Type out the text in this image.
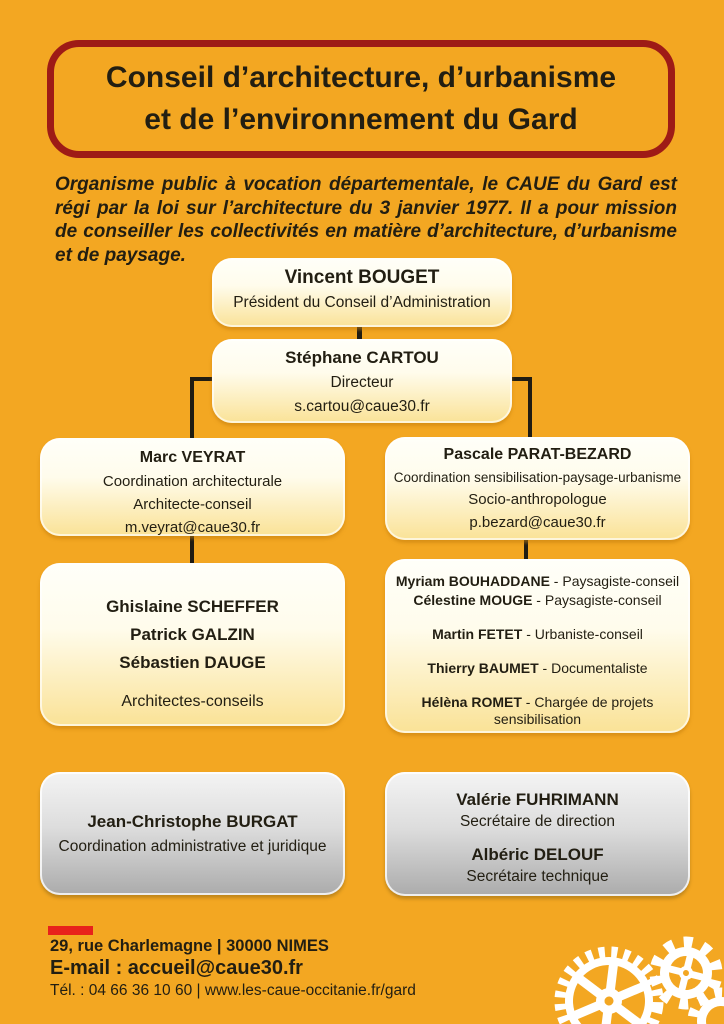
Conseil d’architecture, d’urbanisme
et de l’environnement du Gard

Organisme public à vocation départementale, le CAUE du Gard est régi par la loi sur l’architecture du 3 janvier 1977. Il a pour mission de conseiller les collectivités en matière d’architecture, d’urbanisme et de paysage.

Vincent BOUGET
Président du Conseil d’Administration
Stéphane CARTOU
Directeur
s.cartou@caue30.fr
Marc VEYRAT
Coordination architecturale
Architecte-conseil
m.veyrat@caue30.fr
Pascale PARAT-BEZARD
Coordination sensibilisation-paysage-urbanisme
Socio-anthropologue
p.bezard@caue30.fr
Ghislaine SCHEFFER
Patrick GALZIN
Sébastien DAUGE
Architectes-conseils
Myriam BOUHADDANE - Paysagiste-conseil
Célestine MOUGE - Paysagiste-conseil
Martin FETET - Urbaniste-conseil
Thierry BAUMET - Documentaliste
Hélèna ROMET - Chargée de projets sensibilisation
Jean-Christophe BURGAT
Coordination administrative et juridique
Valérie FUHRIMANN
Secrétaire de direction
Albéric DELOUF
Secrétaire technique
29, rue Charlemagne | 30000 NIMES
E-mail : accueil@caue30.fr
Tél. : 04 66 36 10 60 | www.les-caue-occitanie.fr/gard
